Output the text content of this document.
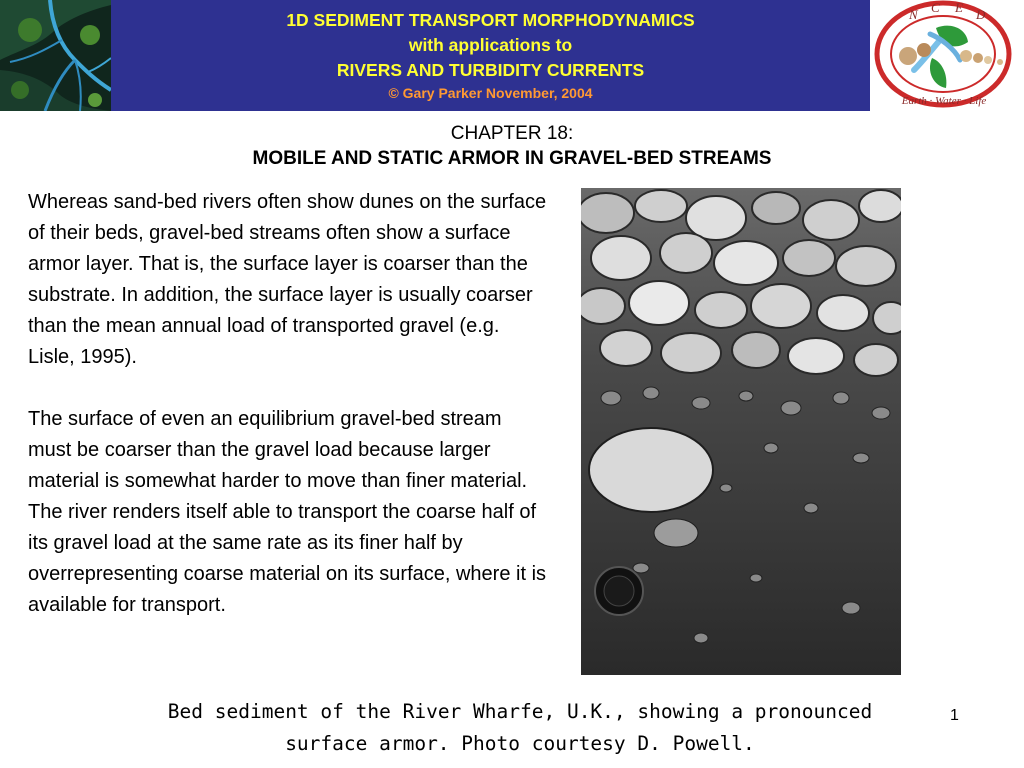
1D SEDIMENT TRANSPORT MORPHODYNAMICS
with applications to
RIVERS AND TURBIDITY CURRENTS
© Gary Parker November, 2004
N C E D
Earth · Water · Life
CHAPTER 18:
MOBILE AND STATIC ARMOR IN GRAVEL-BED STREAMS

Whereas sand-bed rivers often show dunes on the surface of their beds, gravel-bed streams often show a surface armor layer. That is, the surface layer is coarser than the substrate. In addition, the surface layer is usually coarser than the mean annual load of transported gravel (e.g. Lisle, 1995).

The surface of even an equilibrium gravel-bed stream must be coarser than the gravel load because larger material is somewhat harder to move than finer material. The river renders itself able to transport the coarse half of its gravel load at the same rate as its finer half by overrepresenting coarse material on its surface, where it is available for transport.

Bed sediment of the River Wharfe, U.K., showing a pronounced
surface armor. Photo courtesy D. Powell.
1
